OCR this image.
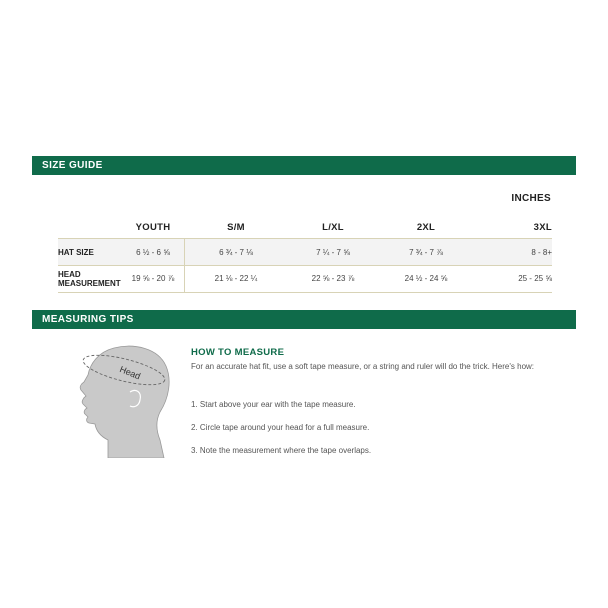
SIZE GUIDE
INCHES
YOUTH	S/M	L/XL	2XL	3XL
HAT SIZE	6 ½ - 6 ⅝	6 ¾ - 7 ⅛	7 ¼ - 7 ⅝	7 ¾ - 7 ⅞	8 - 8+
HEAD
MEASUREMENT	19 ⅝ - 20 ⅞	21 ⅛ - 22 ¼	22 ⅝ - 23 ⅞	24 ½ - 24 ⅝	25 - 25 ⅝
MEASURING TIPS
Head
HOW TO MEASURE
For an accurate hat fit, use a soft tape measure, or a string and ruler will do the trick. Here's how:
1. Start above your ear with the tape measure.
2. Circle tape around your head for a full measure.
3. Note the measurement where the tape overlaps.
